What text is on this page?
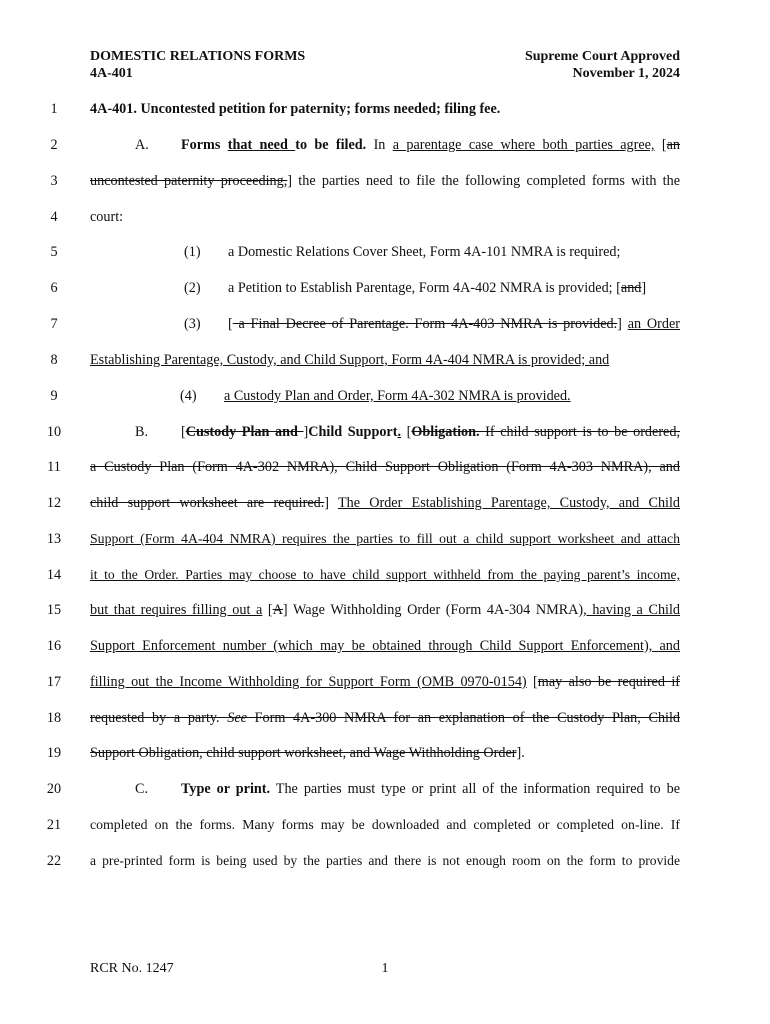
DOMESTIC RELATIONS FORMS
4A-401
Supreme Court Approved
November 1, 2024
1	4A-401. Uncontested petition for paternity; forms needed; filing fee.
2	A. Forms that need to be filed. In a parentage case where both parties agree, [an
3	uncontested paternity proceeding,] the parties need to file the following completed forms with the
4	court:
5	(1) a Domestic Relations Cover Sheet, Form 4A-101 NMRA is required;
6	(2) a Petition to Establish Parentage, Form 4A-402 NMRA is provided; [and]
7	(3) [ a Final Decree of Parentage. Form 4A-403 NMRA is provided.] an Order
8	Establishing Parentage, Custody, and Child Support, Form 4A-404 NMRA is provided; and
9	(4) a Custody Plan and Order, Form 4A-302 NMRA is provided.
10	B. [Custody Plan and ]Child Support. [Obligation. If child support is to be ordered,
11	a Custody Plan (Form 4A-302 NMRA), Child Support Obligation (Form 4A-303 NMRA), and
12	child support worksheet are required.] The Order Establishing Parentage, Custody, and Child
13	Support (Form 4A-404 NMRA) requires the parties to fill out a child support worksheet and attach
14	it to the Order. Parties may choose to have child support withheld from the paying parent’s income,
15	but that requires filling out a [A] Wage Withholding Order (Form 4A-304 NMRA), having a Child
16	Support Enforcement number (which may be obtained through Child Support Enforcement), and
17	filling out the Income Withholding for Support Form (OMB 0970-0154) [may also be required if
18	requested by a party. See Form 4A-300 NMRA for an explanation of the Custody Plan, Child
19	Support Obligation, child support worksheet, and Wage Withholding Order].
20	C. Type or print. The parties must type or print all of the information required to be
21	completed on the forms. Many forms may be downloaded and completed or completed on-line. If
22	a pre-printed form is being used by the parties and there is not enough room on the form to provide
RCR No. 1247	1
